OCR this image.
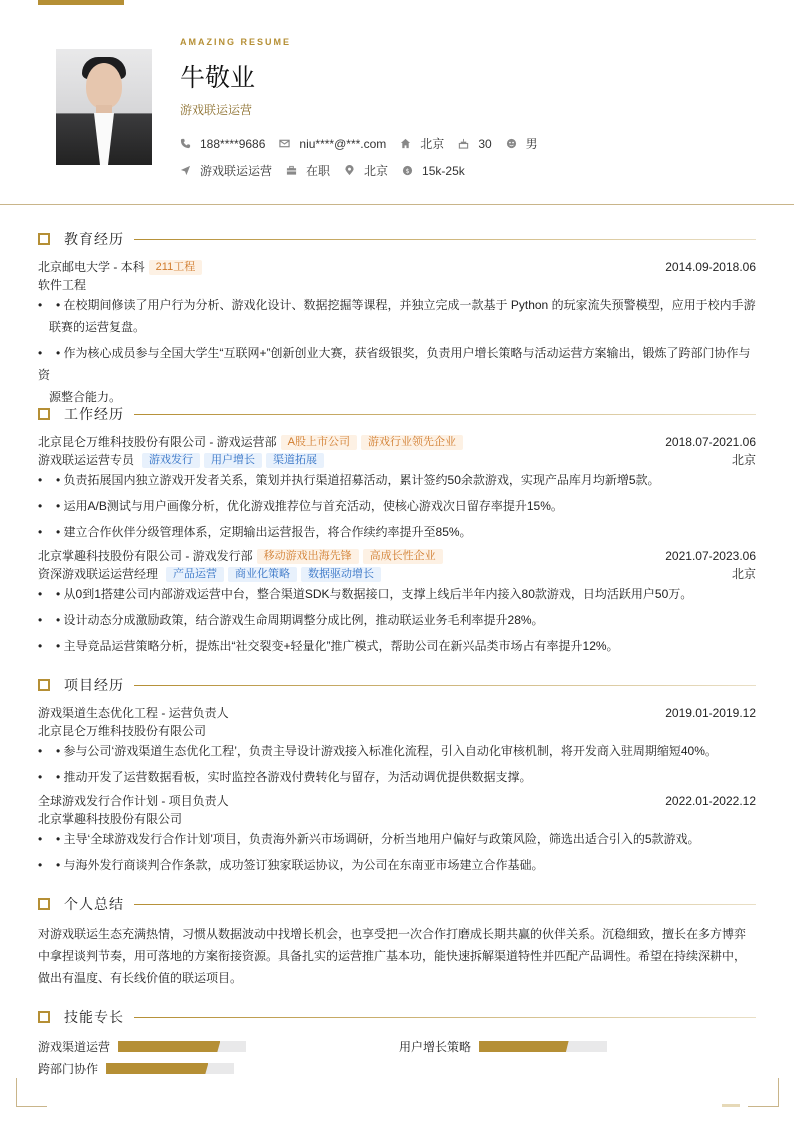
AMAZING RESUME
牛敬业
游戏联运运营
188****9686	niu****@***.com	北京	30	男
游戏联运运营	在职	北京 $ 15k-25k
教育经历
北京邮电大学 - 本科	211工程	2014.09-2018.06
软件工程
• • 在校期间修读了用户行为分析、游戏化设计、数据挖掘等课程，并独立完成一款基于 Python 的玩家流失预警模型，应用于校内手游
联赛的运营复盘。
• • 作为核心成员参与全国大学生“互联网+”创新创业大赛，获省级银奖，负责用户增长策略与活动运营方案输出，锻炼了跨部门协作与资
源整合能力。
工作经历
北京昆仑万维科技股份有限公司 - 游戏运营部	A股上市公司	游戏行业领先企业	2018.07-2021.06
游戏联运运营专员	游戏发行	用户增长	渠道拓展	北京
• • 负责拓展国内独立游戏开发者关系，策划并执行渠道招募活动，累计签约50余款游戏，实现产品库月均新增5款。
• • 运用A/B测试与用户画像分析，优化游戏推荐位与首充活动，使核心游戏次日留存率提升15%。
• • 建立合作伙伴分级管理体系，定期输出运营报告，将合作续约率提升至85%。
北京掌趣科技股份有限公司 - 游戏发行部	移动游戏出海先锋	高成长性企业	2021.07-2023.06
资深游戏联运运营经理	产品运营	商业化策略	数据驱动增长	北京
• • 从0到1搭建公司内部游戏运营中台，整合渠道SDK与数据接口，支撑上线后半年内接入80款游戏，日均活跃用户50万。
• • 设计动态分成激励政策，结合游戏生命周期调整分成比例，推动联运业务毛利率提升28%。
• • 主导竞品运营策略分析，提炼出“社交裂变+轻量化”推广模式，帮助公司在新兴品类市场占有率提升12%。
项目经历
游戏渠道生态优化工程 - 运营负责人	2019.01-2019.12
北京昆仑万维科技股份有限公司
• • 参与公司‘游戏渠道生态优化工程’，负责主导设计游戏接入标准化流程，引入自动化审核机制，将开发商入驻周期缩短40%。
• • 推动开发了运营数据看板，实时监控各游戏付费转化与留存，为活动调优提供数据支撑。
全球游戏发行合作计划 - 项目负责人	2022.01-2022.12
北京掌趣科技股份有限公司
• • 主导‘全球游戏发行合作计划’项目，负责海外新兴市场调研，分析当地用户偏好与政策风险，筛选出适合引入的5款游戏。
• • 与海外发行商谈判合作条款，成功签订独家联运协议，为公司在东南亚市场建立合作基础。
个人总结
对游戏联运生态充满热情，习惯从数据波动中找增长机会，也享受把一次合作打磨成长期共赢的伙伴关系。沉稳细致，擅长在多方博弈
中拿捏谈判节奏，用可落地的方案衔接资源。具备扎实的运营推广基本功，能快速拆解渠道特性并匹配产品调性。希望在持续深耕中，
做出有温度、有长线价值的联运项目。
技能专长
游戏渠道运营	用户增长策略
跨部门协作
